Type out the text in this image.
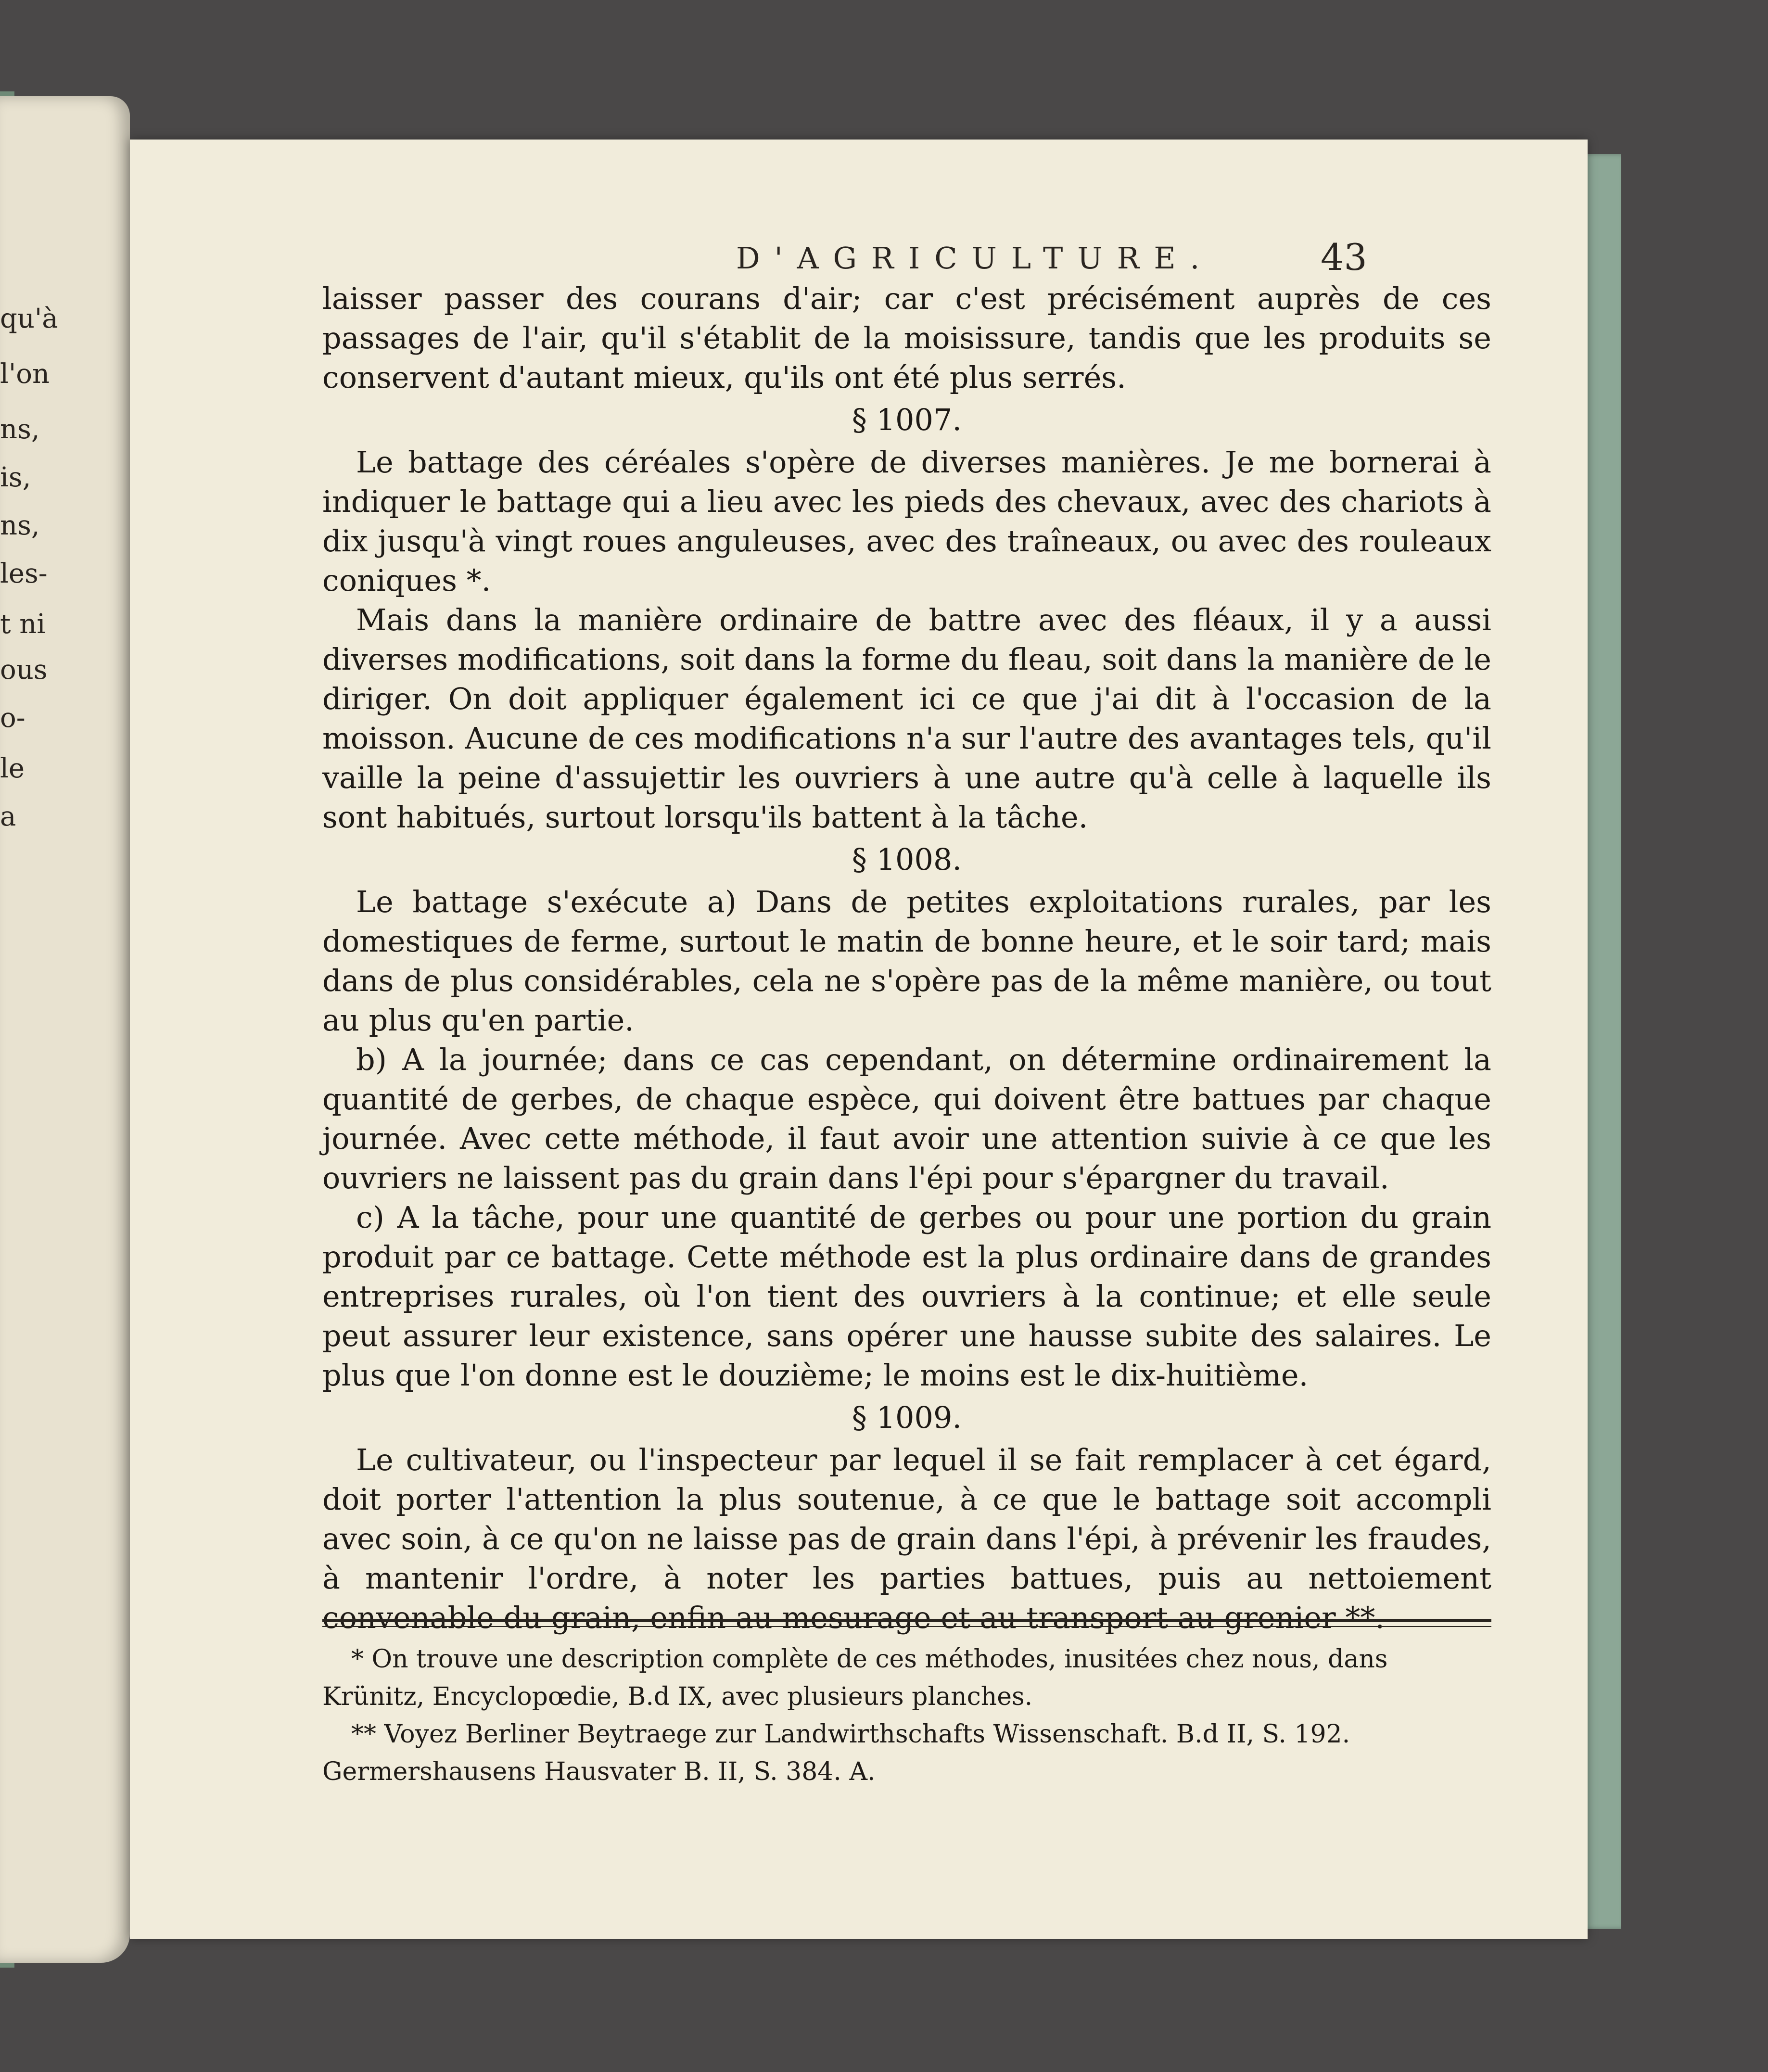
qu'à
l'on
ns,
is,
ns,
les-
t ni
ous
o-
le
a
D'AGRICULTURE.	43

laisser passer des courans d'air; car c'est précisément auprès de ces passages de l'air, qu'il s'établit de la moisissure, tandis que les produits se conservent d'autant mieux, qu'ils ont été plus serrés.

§ 1007.

Le battage des céréales s'opère de diverses manières. Je me bornerai à indiquer le battage qui a lieu avec les pieds des chevaux, avec des chariots à dix jusqu'à vingt roues anguleuses, avec des traîneaux, ou avec des rouleaux coniques *.

Mais dans la manière ordinaire de battre avec des fléaux, il y a aussi diverses modifications, soit dans la forme du fleau, soit dans la manière de le diriger. On doit appliquer également ici ce que j'ai dit à l'occasion de la moisson. Aucune de ces modifications n'a sur l'autre des avantages tels, qu'il vaille la peine d'assujettir les ouvriers à une autre qu'à celle à laquelle ils sont habitués, surtout lorsqu'ils battent à la tâche.

§ 1008.

Le battage s'exécute a) Dans de petites exploitations rurales, par les domestiques de ferme, surtout le matin de bonne heure, et le soir tard; mais dans de plus considérables, cela ne s'opère pas de la même manière, ou tout au plus qu'en partie.

b) A la journée; dans ce cas cependant, on détermine ordinairement la quantité de gerbes, de chaque espèce, qui doivent être battues par chaque journée. Avec cette méthode, il faut avoir une attention suivie à ce que les ouvriers ne laissent pas du grain dans l'épi pour s'épargner du travail.

c) A la tâche, pour une quantité de gerbes ou pour une portion du grain produit par ce battage. Cette méthode est la plus ordinaire dans de grandes entreprises rurales, où l'on tient des ouvriers à la continue; et elle seule peut assurer leur existence, sans opérer une hausse subite des salaires. Le plus que l'on donne est le douzième; le moins est le dix-huitième.

§ 1009.

Le cultivateur, ou l'inspecteur par lequel il se fait remplacer à cet égard, doit porter l'attention la plus soutenue, à ce que le battage soit accompli avec soin, à ce qu'on ne laisse pas de grain dans l'épi, à prévenir les fraudes, à mantenir l'ordre, à noter les parties battues, puis au nettoiement convenable du grain, enfin au mesurage et au transport au grenier **.

* On trouve une description complète de ces méthodes, inusitées chez nous, dans Krünitz, Encyclopœdie, B.d IX, avec plusieurs planches.

** Voyez Berliner Beytraege zur Landwirthschafts Wissenschaft. B.d II, S. 192. Germershausens Hausvater B. II, S. 384. A.
